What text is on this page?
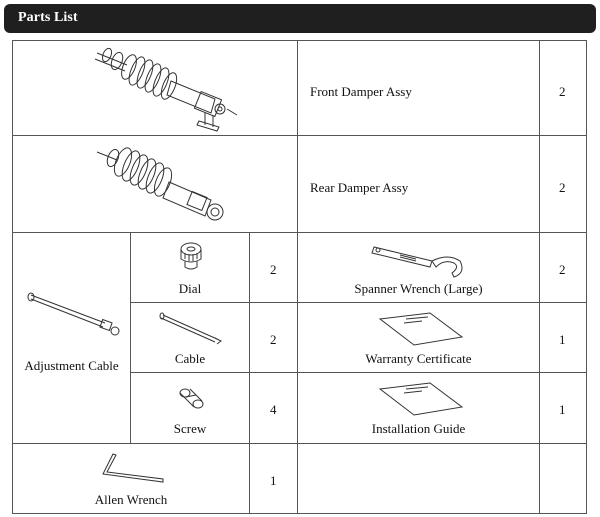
Parts List
Front Damper Assy	2
Rear Damper Assy	2
Adjustment Cable
Dial
2
Cable
2
Screw
4
Spanner Wrench (Large)
2
Warranty Certificate
1
Installation Guide
1
Allen Wrench
1
